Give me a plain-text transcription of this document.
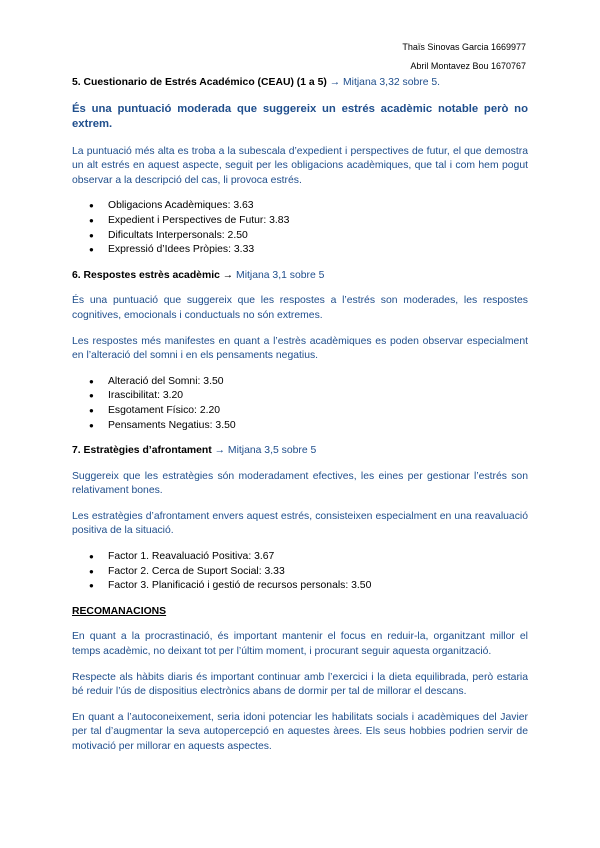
Thaïs Sinovas Garcia 1669977
Abril Montavez Bou 1670767
5. Cuestionario de Estrés Académico (CEAU) (1 a 5) → Mitjana 3,32 sobre 5.
És una puntuació moderada que suggereix un estrés acadèmic notable però no extrem.

La puntuació més alta es troba a la subescala d’expedient i perspectives de futur, el que demostra un alt estrés en aquest aspecte, seguit per les obligacions acadèmiques, que tal i com hem pogut observar a la descripció del cas, li provoca estrés.

● Obligacions Acadèmiques: 3.63
● Expedient i Perspectives de Futur: 3.83
● Dificultats Interpersonals: 2.50
● Expressió d’Idees Pròpies: 3.33
6. Respostes estrès acadèmic → Mitjana 3,1 sobre 5

És una puntuació que suggereix que les respostes a l’estrés son moderades, les respostes cognitives, emocionals i conductuals no són extremes.

Les respostes més manifestes en quant a l’estrès acadèmiques es poden observar especialment en l’alteració del somni i en els pensaments negatius.

● Alteració del Somni: 3.50
● Irascibilitat: 3.20
● Esgotament Físico: 2.20
● Pensaments Negatius: 3.50
7. Estratègies d’afrontament → Mitjana 3,5 sobre 5

Suggereix que les estratègies són moderadament efectives, les eines per gestionar l’estrés son relativament bones.

Les estratègies d’afrontament envers aquest estrés, consisteixen especialment en una reavaluació positiva de la situació.

● Factor 1. Reavaluació Positiva: 3.67
● Factor 2. Cerca de Suport Social: 3.33
● Factor 3. Planificació i gestió de recursos personals: 3.50
RECOMANACIONS

En quant a la procrastinació, és important mantenir el focus en reduir-la, organitzant millor el temps acadèmic, no deixant tot per l’últim moment, i procurant seguir aquesta organització.

Respecte als hàbits diaris és important continuar amb l’exercici i la dieta equilibrada, però estaria bé reduir l’ús de dispositius electrònics abans de dormir per tal de millorar el descans.

En quant a l’autoconeixement, seria idoni potenciar les habilitats socials i acadèmiques del Javier per tal d’augmentar la seva autopercepció en aquestes àrees. Els seus hobbies podrien servir de motivació per millorar en aquests aspectes.
